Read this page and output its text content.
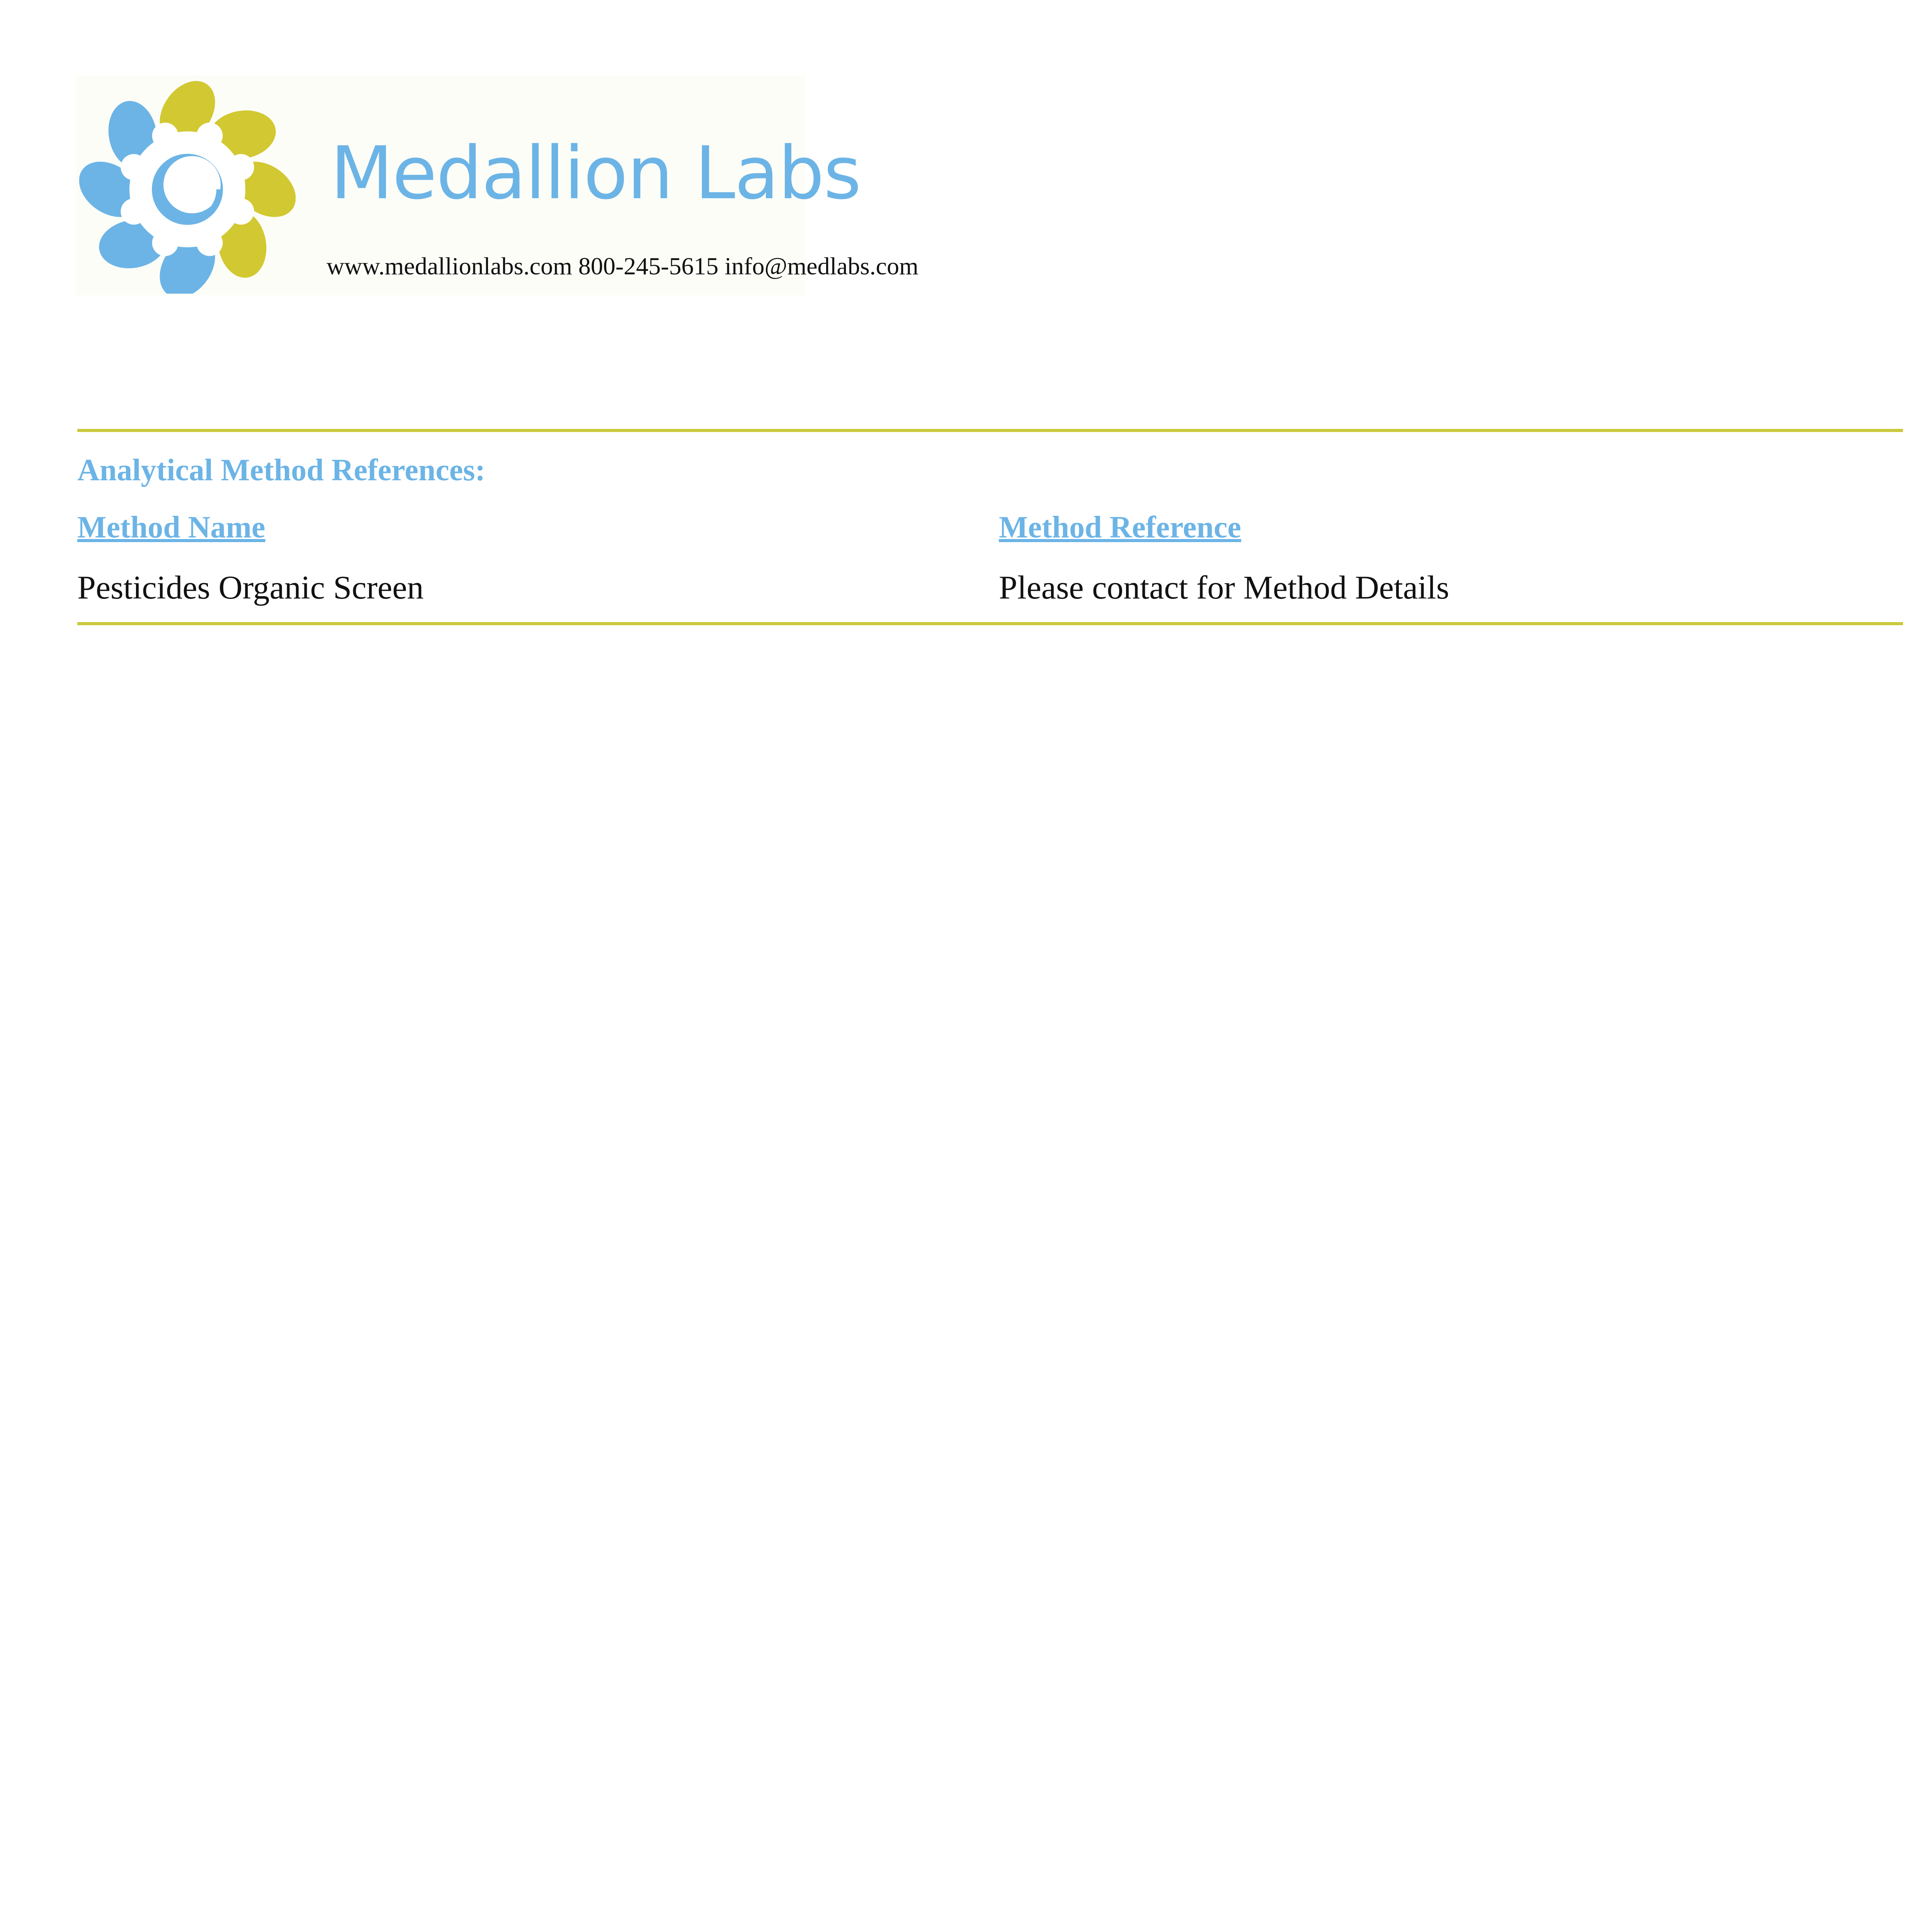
Medallion Labs
www.medallionlabs.com 800-245-5615 info@medlabs.com
Analytical Method References:
Method Name	Method Reference
Pesticides Organic Screen	Please contact for Method Details
